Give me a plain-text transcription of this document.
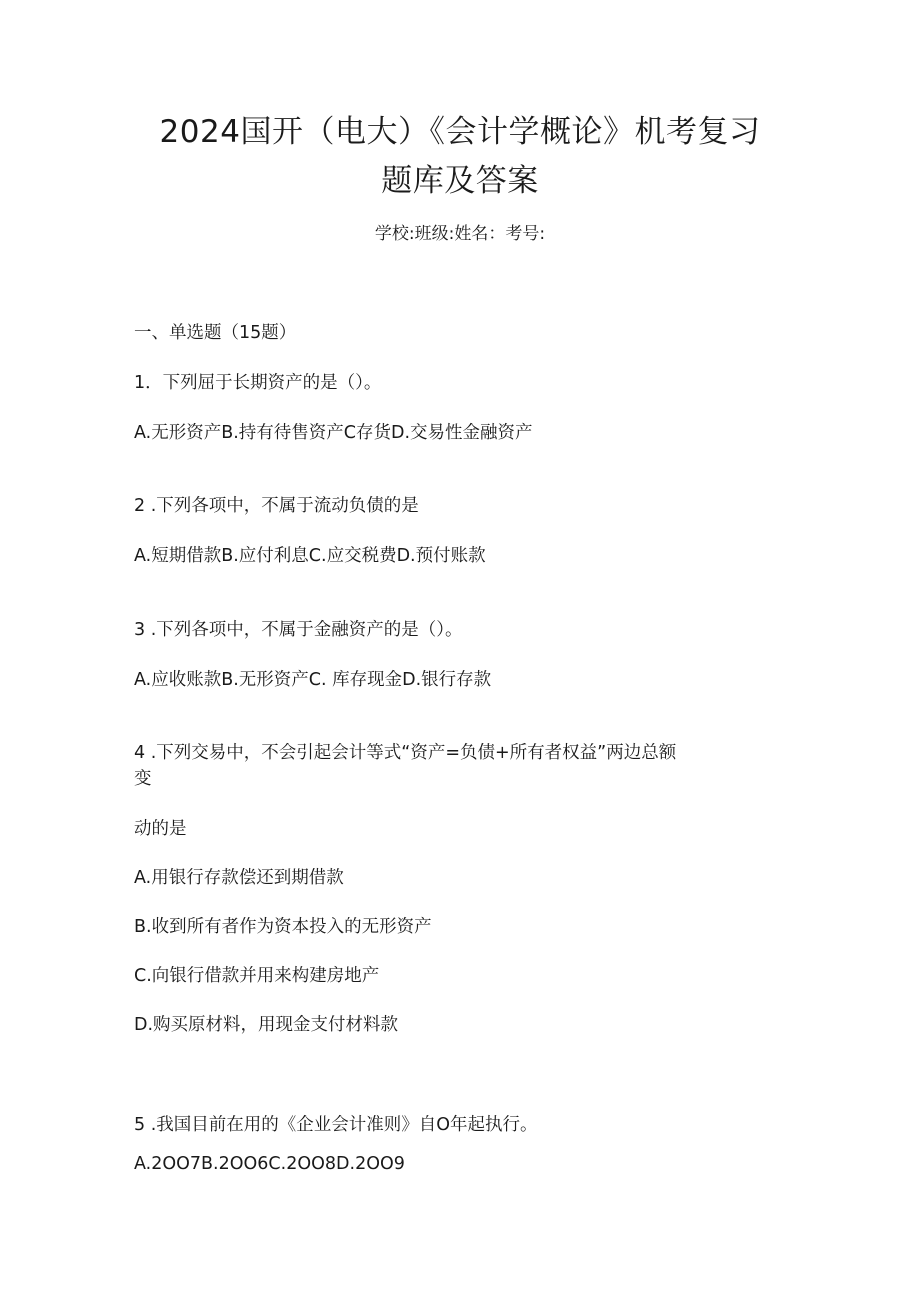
2024国开（电大）《会计学概论》机考复习
题库及答案
学校:班级:姓名：考号:
一、单选题（15题）
1．下列屈于长期资产的是（）。
A.无形资产B.持有待售资产C存货D.交易性金融资产
2 .下列各项中，不属于流动负债的是
A.短期借款B.应付利息C.应交税费D.预付账款
3 .下列各项中，不属于金融资产的是（）。
A.应收账款B.无形资产C. 库存现金D.银行存款
4 .下列交易中，不会引起会计等式“资产=负债+所有者权益”两边总额
变
动的是
A.用银行存款偿还到期借款
B.收到所有者作为资本投入的无形资产
C.向银行借款并用来构建房地产
D.购买原材料，用现金支付材料款
5 .我国目前在用的《企业会计准则》自O年起执行。
A.2OO7B.2OO6C.2OO8D.2OO9
